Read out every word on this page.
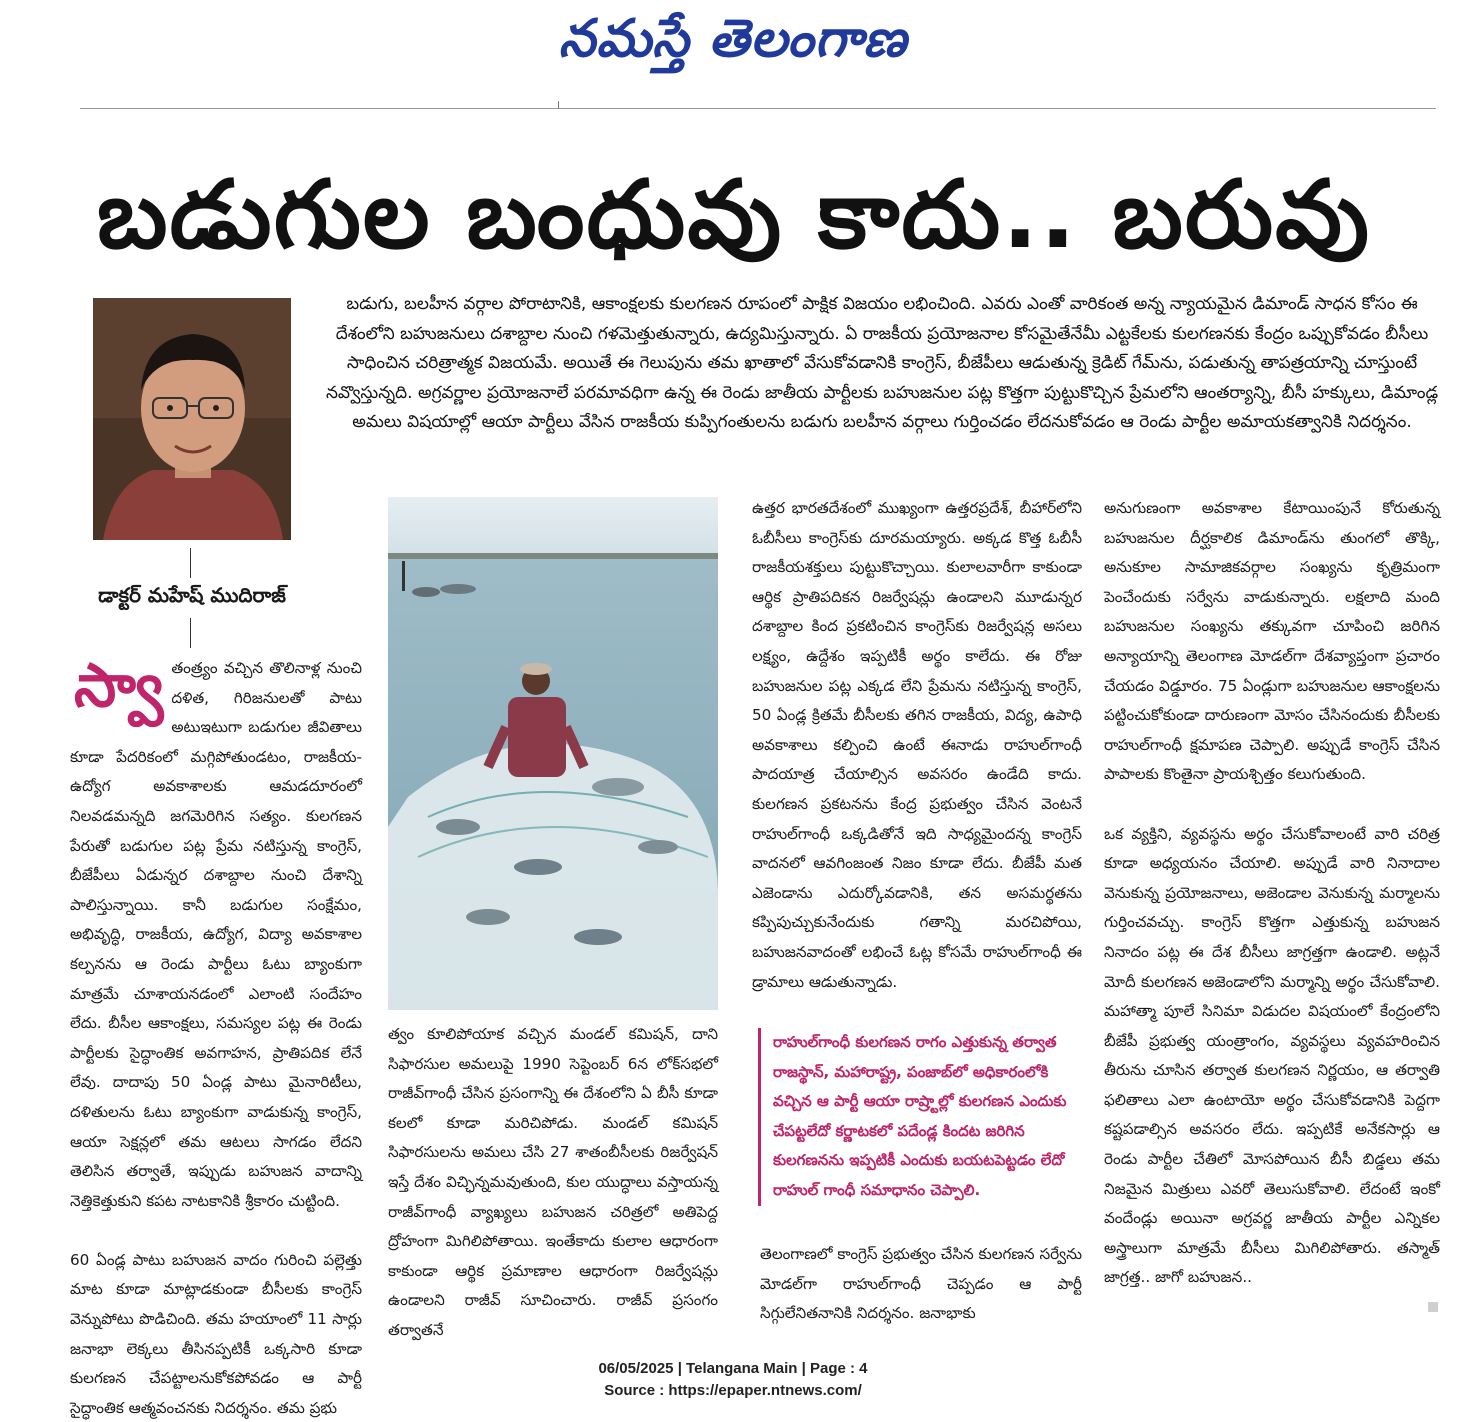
నమస్తే తెలంగాణ
బడుగుల బంధువు కాదు.. బరువు
డాక్టర్ మహేష్ ముదిరాజ్

బడుగు, బలహీన వర్గాల పోరాటానికి, ఆకాంక్షలకు కులగణన రూపంలో పాక్షిక విజయం లభించింది. ఎవరు ఎంతో వారికంత అన్న న్యాయమైన డిమాండ్ సాధన కోసం ఈ దేశంలోని బహుజనులు దశాబ్దాల నుంచి గళమెత్తుతున్నారు, ఉద్యమిస్తున్నారు. ఏ రాజకీయ ప్రయోజనాల కోసమైతేనేమీ ఎట్టకేలకు కులగణనకు కేంద్రం ఒప్పుకోవడం బీసీలు సాధించిన చరిత్రాత్మక విజయమే. అయితే ఈ గెలుపును తమ ఖాతాలో వేసుకోవడానికి కాంగ్రెస్, బీజేపీలు ఆడుతున్న క్రెడిట్ గేమ్‌ను, పడుతున్న తాపత్రయాన్ని చూస్తుంటే నవ్వొస్తున్నది. అగ్రవర్ణాల ప్రయోజనాలే పరమావధిగా ఉన్న ఈ రెండు జాతీయ పార్టీలకు బహుజనుల పట్ల కొత్తగా పుట్టుకొచ్చిన ప్రేమలోని ఆంతర్యాన్ని, బీసీ హక్కులు, డిమాండ్ల అమలు విషయాల్లో ఆయా పార్టీలు వేసిన రాజకీయ కుప్పిగంతులను బడుగు బలహీన వర్గాలు గుర్తించడం లేదనుకోవడం ఆ రెండు పార్టీల అమాయకత్వానికి నిదర్శనం.

స్వా తంత్ర్యం వచ్చిన తొలినాళ్ల నుంచి దళిత, గిరిజనులతో పాటు అటుఇటుగా బడుగుల జీవితాలు కూడా పేదరికంలో మగ్గిపోతుండటం, రాజకీయ-ఉద్యోగ అవకాశాలకు ఆమడదూరంలో నిలవడమన్నది జగమెరిగిన సత్యం. కులగణన పేరుతో బడుగుల పట్ల ప్రేమ నటిస్తున్న కాంగ్రెస్, బీజేపీలు ఏడున్నర దశాబ్దాల నుంచి దేశాన్ని పాలిస్తున్నాయి. కానీ బడుగుల సంక్షేమం, అభివృద్ధి, రాజకీయ, ఉద్యోగ, విద్యా అవకాశాల కల్పనను ఆ రెండు పార్టీలు ఓటు బ్యాంకుగా మాత్రమే చూశాయనడంలో ఎలాంటి సందేహం లేదు. బీసీల ఆకాంక్షలు, సమస్యల పట్ల ఈ రెండు పార్టీలకు సైద్ధాంతిక అవగాహన, ప్రాతిపదిక లేనే లేవు. దాదాపు 50 ఏండ్ల పాటు మైనారిటీలు, దళితులను ఓటు బ్యాంకుగా వాడుకున్న కాంగ్రెస్, ఆయా సెక్షన్లలో తమ ఆటలు సాగడం లేదని తెలిసిన తర్వాతే, ఇప్పుడు బహుజన వాదాన్ని నెత్తికెత్తుకుని కపట నాటకానికి శ్రీకారం చుట్టింది.

60 ఏండ్ల పాటు బహుజన వాదం గురించి పల్లెత్తు మాట కూడా మాట్లాడకుండా బీసీలకు కాంగ్రెస్ వెన్నుపోటు పొడిచింది. తమ హయాంలో 11 సార్లు జనాభా లెక్కలు తీసినప్పటికీ ఒక్కసారి కూడా కులగణన చేపట్టాలనుకోకపోవడం ఆ పార్టీ సైద్ధాంతిక ఆత్మవంచనకు నిదర్శనం. తమ ప్రభు

త్వం కూలిపోయాక వచ్చిన మండల్ కమిషన్, దాని సిఫారసుల అమలుపై 1990 సెప్టెంబర్ 6న లోక్‌సభలో రాజీవ్‌గాంధీ చేసిన ప్రసంగాన్ని ఈ దేశంలోని ఏ బీసీ కూడా కలలో కూడా మరిచిపోడు. మండల్ కమిషన్ సిఫారసులను అమలు చేసి 27 శాతంబీసీలకు రిజర్వేషన్ ఇస్తే దేశం విచ్ఛిన్నమవుతుంది, కుల యుద్ధాలు వస్తాయన్న రాజీవ్‌గాంధీ వ్యాఖ్యలు బహుజన చరిత్రలో అతిపెద్ద ద్రోహంగా మిగిలిపోతాయి. ఇంతేకాదు కులాల ఆధారంగా కాకుండా ఆర్థిక ప్రమాణాల ఆధారంగా రిజర్వేషన్లు ఉండాలని రాజీవ్ సూచించారు. రాజీవ్ ప్రసంగం తర్వాతనే

ఉత్తర భారతదేశంలో ముఖ్యంగా ఉత్తరప్రదేశ్, బీహార్‌లోని ఓబీసీలు కాంగ్రెస్‌కు దూరమయ్యారు. అక్కడ కొత్త ఓబీసీ రాజకీయశక్తులు పుట్టుకొచ్చాయి. కులాలవారీగా కాకుండా ఆర్థిక ప్రాతిపదికన రిజర్వేషన్లు ఉండాలని మూడున్నర దశాబ్దాల కింద ప్రకటించిన కాంగ్రెస్‌కు రిజర్వేషన్ల అసలు లక్ష్యం, ఉద్దేశం ఇప్పటికీ అర్థం కాలేదు. ఈ రోజు బహుజనుల పట్ల ఎక్కడ లేని ప్రేమను నటిస్తున్న కాంగ్రెస్, 50 ఏండ్ల క్రితమే బీసీలకు తగిన రాజకీయ, విద్య, ఉపాధి అవకాశాలు కల్పించి ఉంటే ఈనాడు రాహుల్‌గాంధీ పాదయాత్ర చేయాల్సిన అవసరం ఉండేది కాదు. కులగణన ప్రకటనను కేంద్ర ప్రభుత్వం చేసిన వెంటనే రాహుల్‌గాంధీ ఒక్కడితోనే ఇది సాధ్యమైందన్న కాంగ్రెస్ వాదనలో ఆవగింజంత నిజం కూడా లేదు. బీజేపీ మత ఎజెండాను ఎదుర్కోవడానికి, తన అసమర్థతను కప్పిపుచ్చుకునేందుకు గతాన్ని మరచిపోయి, బహుజనవాదంతో లభించే ఓట్ల కోసమే రాహుల్‌గాంధీ ఈ డ్రామాలు ఆడుతున్నాడు.

రాహుల్‌గాంధీ కులగణన రాగం ఎత్తుకున్న తర్వాత రాజస్థాన్, మహారాష్ట్ర, పంజాబ్‌లో అధికారంలోకి వచ్చిన ఆ పార్టీ ఆయా రాష్ర్టాల్లో కులగణన ఎందుకు చేపట్టలేదో కర్ణాటకలో పదేండ్ల కిందట జరిగిన కులగణనను ఇప్పటికీ ఎందుకు బయటపెట్టడం లేదో రాహుల్ గాంధీ సమాధానం చెప్పాలి.

తెలంగాణలో కాంగ్రెస్ ప్రభుత్వం చేసిన కులగణన సర్వేను మోడల్‌గా రాహుల్‌గాంధీ చెప్పడం ఆ పార్టీ సిగ్గులేనితనానికి నిదర్శనం. జనాభాకు

అనుగుణంగా అవకాశాల కేటాయింపునే కోరుతున్న బహుజనుల దీర్ఘకాలిక డిమాండ్‌ను తుంగలో తొక్కి, అనుకూల సామాజికవర్గాల సంఖ్యను కృత్రిమంగా పెంచేందుకు సర్వేను వాడుకున్నారు. లక్షలాది మంది బహుజనుల సంఖ్యను తక్కువగా చూపించి జరిగిన అన్యాయాన్ని తెలంగాణ మోడల్‌గా దేశవ్యాప్తంగా ప్రచారం చేయడం విడ్డూరం. 75 ఏండ్లుగా బహుజనుల ఆకాంక్షలను పట్టించుకోకుండా దారుణంగా మోసం చేసినందుకు బీసీలకు రాహుల్‌గాంధీ క్షమాపణ చెప్పాలి. అప్పుడే కాంగ్రెస్ చేసిన పాపాలకు కొంతైనా ప్రాయశ్చిత్తం కలుగుతుంది.

ఒక వ్యక్తిని, వ్యవస్థను అర్థం చేసుకోవాలంటే వారి చరిత్ర కూడా అధ్యయనం చేయాలి. అప్పుడే వారి నినాదాల వెనుకున్న ప్రయోజనాలు, అజెండాల వెనుకున్న మర్మాలను గుర్తించవచ్చు. కాంగ్రెస్ కొత్తగా ఎత్తుకున్న బహుజన నినాదం పట్ల ఈ దేశ బీసీలు జాగ్రత్తగా ఉండాలి. అట్లనే మోదీ కులగణన అజెండాలోని మర్మాన్ని అర్థం చేసుకోవాలి. మహాత్మా పూలే సినిమా విడుదల విషయంలో కేంద్రంలోని బీజేపీ ప్రభుత్వ యంత్రాంగం, వ్యవస్థలు వ్యవహరించిన తీరును చూసిన తర్వాత కులగణన నిర్ణయం, ఆ తర్వాతి ఫలితాలు ఎలా ఉంటాయో అర్థం చేసుకోవడానికి పెద్దగా కష్టపడాల్సిన అవసరం లేదు. ఇప్పటికే అనేకసార్లు ఆ రెండు పార్టీల చేతిలో మోసపోయిన బీసీ బిడ్డలు తమ నిజమైన మిత్రులు ఎవరో తెలుసుకోవాలి. లేదంటే ఇంకో వందేండ్లు అయినా అగ్రవర్ణ జాతీయ పార్టీల ఎన్నికల అస్త్రాలుగా మాత్రమే బీసీలు మిగిలిపోతారు. తస్మాత్ జాగ్రత్త.. జాగో బహుజన..

06/05/2025 | Telangana Main | Page : 4
Source : https://epaper.ntnews.com/
